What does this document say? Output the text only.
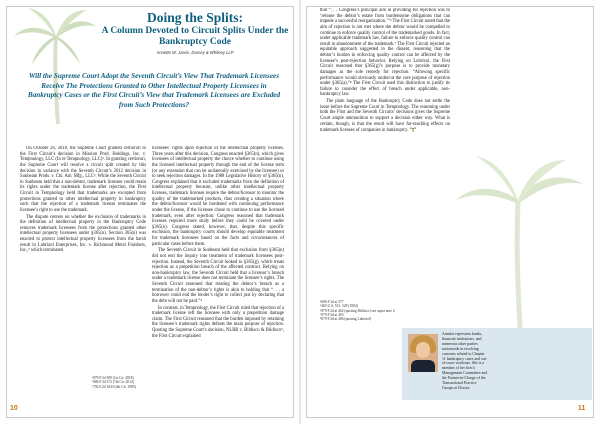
Doing the Splits:
A Column Devoted to Circuit Splits Under the Bankruptcy Code
Annette W. Jarvis, Dorsey & Whitney LLP
Will the Supreme Court Adopt the Seventh Circuit’s View That Trademark Licensees Receive The Protections Granted to Other Intellectual Property Licensees in Bankruptcy Cases or the First Circuit’s View that Trademark Licensees are Excluded from Such Protections?

On October 26, 2018, the Supreme Court granted certiorari to the First Circuit’s decision in Mission Prod. Holdings, Inc. v. Tempnology, LLC (In re Tempnology, LLC)¹. In granting certiorari, the Supreme Court will resolve a circuit split created by this decision in variance with the Seventh Circuit’s 2012 decision in Sunbeam Prods. v. Chi. Am. Mfg., LLC². While the Seventh Circuit in Sunbeam held that a non-debtor, trademark licensee could retain its rights under the trademark license after rejection, the First Circuit in Tempnology held that trademarks are excepted from protections granted to other intellectual property in bankruptcy such that the rejection of a trademark license terminates the licensee’s right to use the trademark.

The dispute centers on whether the exclusion of trademarks in the definition of intellectual property in the Bankruptcy Code removes trademark licensees from the protections granted other intellectual property licensees under §365(n). Section 365(n) was enacted to protect intellectual property licensees from the harsh result in Lubrizol Enterprises, Inc. v. Richmond Metal Finishers, Inc.,³ which terminated

¹879 F.3d 389 (1st Cir. 2018)
²686 F.3d 372 (7th Cir. 2012)
³756 F.2d 1043 (4th Cir. 1985)

licensees’ rights upon rejection of the intellectual property licenses. Three years after this decision, Congress enacted §365(n), which gives licensees of intellectual property the choice whether to continue using the licensed intellectual property through the end of the license term (or any extension that can be unilaterally exercised by the licensee) or to seek rejection damages. In the 1988 Legislative History of §365(n), Congress explained that it excluded trademarks from the definition of intellectual property because, unlike other intellectual property licenses, trademark licenses require the debtor/licensor to monitor the quality of the trademarked products, thus creating a situation where the debtor/licensor would be burdened with continuing performance under the license, if the licensee chose to continue to use the licensed trademark, even after rejection. Congress reasoned that trademark licenses required more study before they could be covered under §365(n). Congress stated, however, that, despite this specific exclusion, the bankruptcy courts should develop equitable treatment for trademark licensees based on the facts and circumstances of particular cases before them.

The Seventh Circuit in Sunbeam held that exclusion from §365(n) did not end the inquiry into treatment of trademark licensees post-rejection. Instead, the Seventh Circuit looked to §365(g), which treats rejection as a prepetition breach of the affected contract. Relying on non-bankruptcy law, the Seventh Circuit held that a licensor’s breach under a trademark license does not terminate the licensee’s rights. The Seventh Circuit reasoned that treating the debtor’s breach as a termination of the non-debtor’s rights is akin to holding that “. . . a borrower could end the lender’s right to collect just by declaring that the debt will not be paid.”⁴

In contrast, in Tempnology, the First Circuit ruled that rejection of a trademark license left the licensee with only a prepetition damage claim. The First Circuit reasoned that the burden imposed by retaining the licensee’s trademark rights defeats the main purpose of rejection. Quoting the Supreme Court’s decision, NLRB v. Bildisco & Bildisco⁵, the First Circuit explained

10

that “. . . Congress’s principal aim in providing for rejection was to ‘release the debtor’s estate from burdensome obligations that can impede a successful reorganization.’”⁶ The First Circuit noted that the aim of rejection is not met where the debtor would be compelled to continue to enforce quality control of the trademarked goods. In fact, under applicable trademark law, failure to enforce quality control can result in abandonment of the trademark.⁷ The First Circuit rejected an equitable approach suggested in the dissent, reasoning that the debtor’s burden in enforcing quality control can be affected by the licensee’s post-rejection behavior. Relying on Lubrizol, the First Circuit reasoned that §365(g)’s purpose is to provide monetary damages as the sole remedy for rejection. “Allowing specific performance would obviously undercut the core purpose of rejection under §365(a).”⁸ The First Circuit used this distinction to justify its failure to consider the effect of breach under applicable, non-bankruptcy law.

The plain language of the Bankruptcy Code does not settle the issue before the Supreme Court in Tempnology. The reasoning under both the First and the Seventh Circuits’ decisions gives the Supreme Court ample ammunition to support a decision either way. What is certain, though, is that the result will have far-reaching effects on trademark licenses of companies in bankruptcy.

⁴686 F.3d at 377
⁵465 U.S. 513, 528 (1984)
⁶879 F.3d at 402 (quoting Bildisco) see supra note 2
⁷879 F.3d at 403
⁸879 F.3d at 406 (quoting Lubrizol)
11
Annette represents banks, financial institutions, and numerous other parties nationwide in resolving concerns related to Chapter 11 bankruptcy cases and out-of-court workouts. She is a member of her firm’s Management Committee and the Partner-in-Charge of the Transactional Practice Groups at Dorsey.
